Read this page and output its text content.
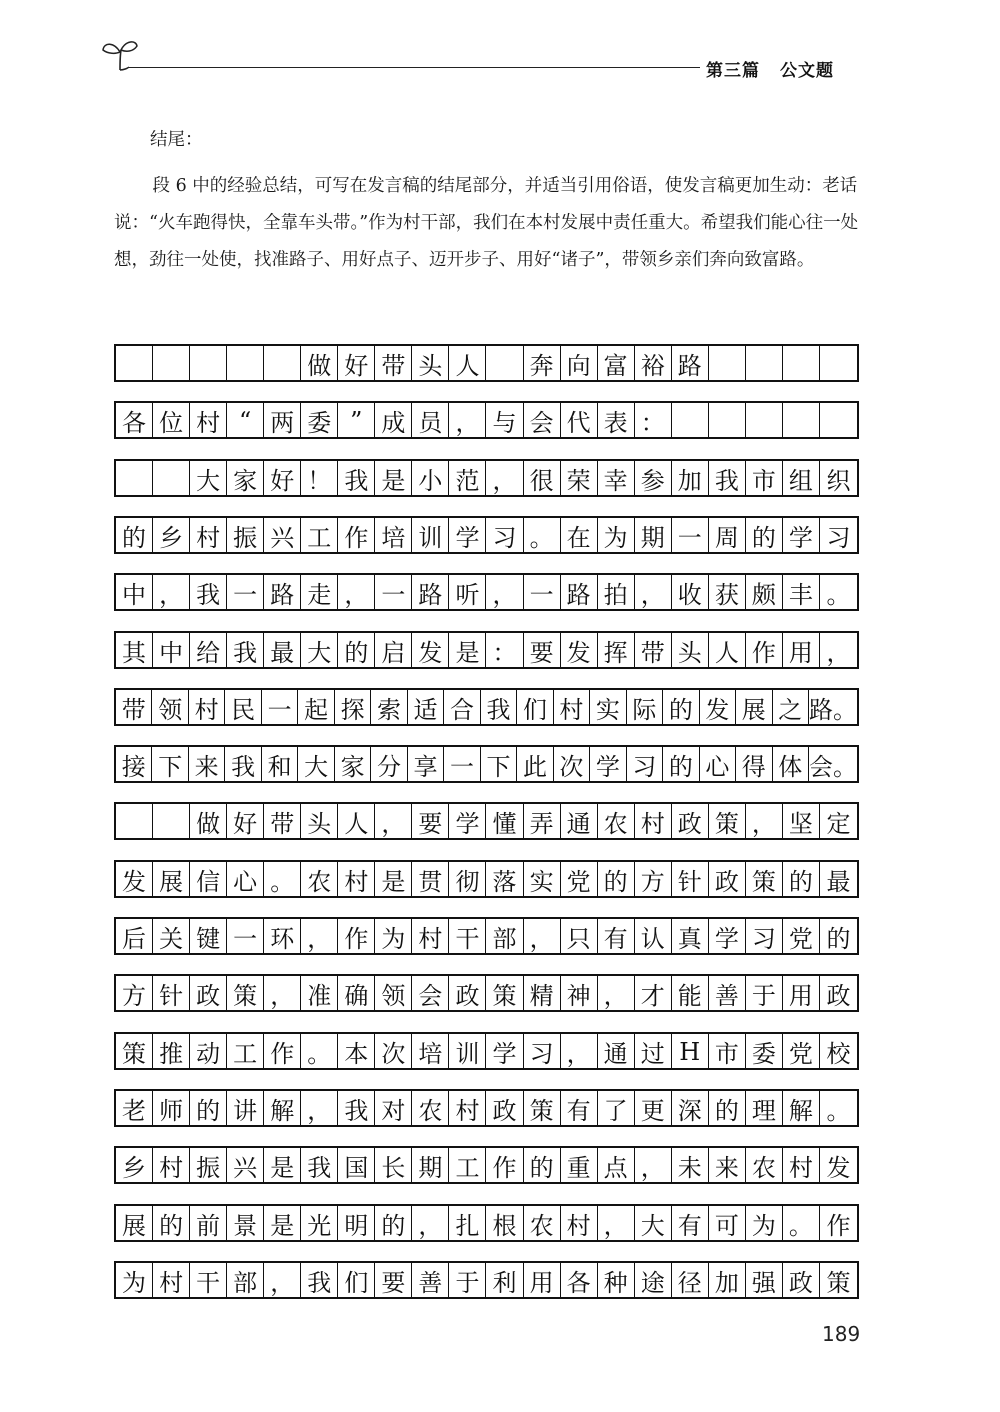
第三篇 公文题
结尾：
段 6 中的经验总结，可写在发言稿的结尾部分，并适当引用俗语，使发言稿更加生动：老话说：“火车跑得快，全靠车头带。”作为村干部，我们在本村发展中责任重大。希望我们能心往一处想，劲往一处使，找准路子、用好点子、迈开步子、用好“诸子”，带领乡亲们奔向致富路。
做 好 带 头 人 奔 向 富 裕 路
各 位 村 “ 两 委 ” 成 员 ， 与 会 代 表 ：
大 家 好 ！ 我 是 小 范 ， 很 荣 幸 参 加 我 市 组 织
的 乡 村 振 兴 工 作 培 训 学 习 。 在 为 期 一 周 的 学 习
中 ， 我 一 路 走 ， 一 路 听 ， 一 路 拍 ， 收 获 颇 丰 。
其 中 给 我 最 大 的 启 发 是 ： 要 发 挥 带 头 人 作 用 ，
带 领 村 民 一 起 探 索 适 合 我 们 村 实 际 的 发 展 之 路。
接 下 来 我 和 大 家 分 享 一 下 此 次 学 习 的 心 得 体 会。
做 好 带 头 人 ， 要 学 懂 弄 通 农 村 政 策 ， 坚 定
发 展 信 心 。 农 村 是 贯 彻 落 实 党 的 方 针 政 策 的 最
后 关 键 一 环 ， 作 为 村 干 部 ， 只 有 认 真 学 习 党 的
方 针 政 策 ， 准 确 领 会 政 策 精 神 ， 才 能 善 于 用 政
策 推 动 工 作 。 本 次 培 训 学 习 ， 通 过 H 市 委 党 校
老 师 的 讲 解 ， 我 对 农 村 政 策 有 了 更 深 的 理 解 。
乡 村 振 兴 是 我 国 长 期 工 作 的 重 点 ， 未 来 农 村 发
展 的 前 景 是 光 明 的 ， 扎 根 农 村 ， 大 有 可 为 。 作
为 村 干 部 ， 我 们 要 善 于 利 用 各 种 途 径 加 强 政 策
189
